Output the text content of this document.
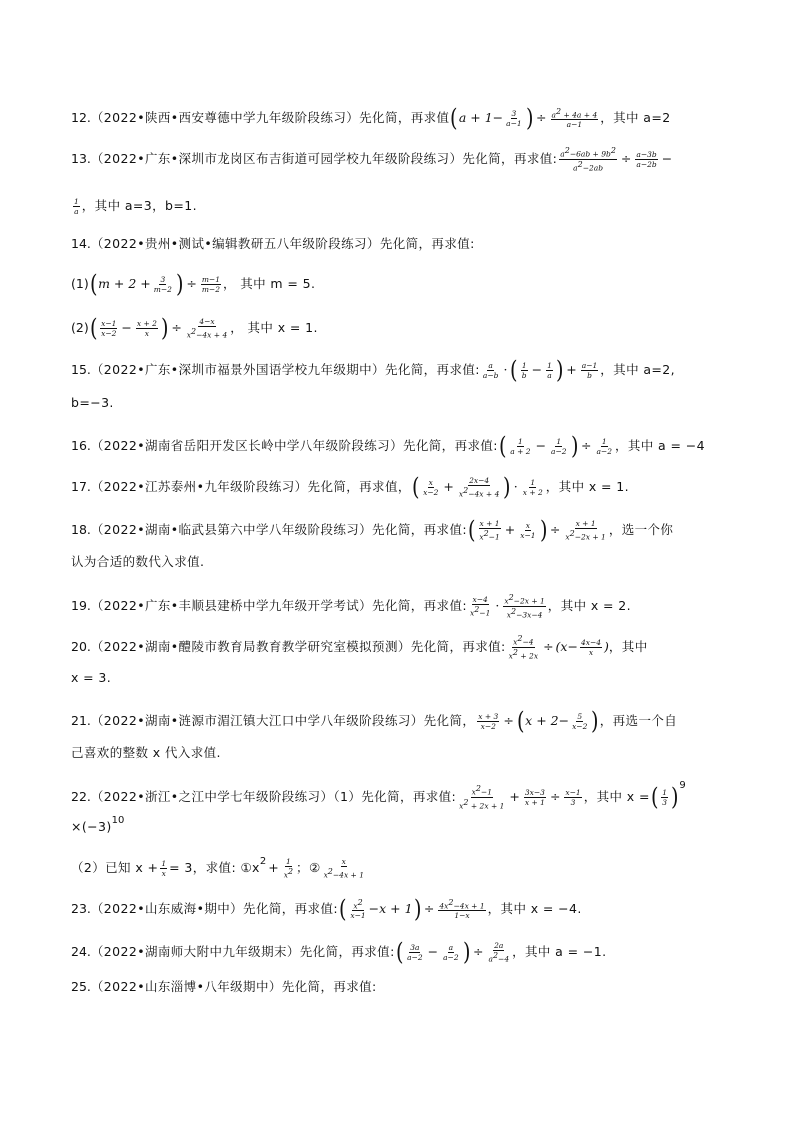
12. （2022•陕西•西安尊德中学九年级阶段练习）先化简，再求值 ( $a + 1- \frac{3}{a-1}$ ) ÷ $\frac{a^2 + 4a + 4}{a-1}$ ，其中 a=2
13. （2022•广东•深圳市龙岗区布吉街道可园学校九年级阶段练习）先化简，再求值: $\frac{a^2-6ab + 9b^2}{a^2-2ab} \div \frac{a-3b}{a-2b}$ −
$\frac{1}{a}$ ，其中 a=3，b=1.
14. （2022•贵州•测试•编辑教研五八年级阶段练习）先化简，再求值:
(1) ( $m + 2 + \frac{3}{m-2}$ ) ÷ $\frac{m-1}{m-2}$ ， 其中 m = 5.
(2) ( $\frac{x-1}{x-2} - \frac{x + 2}{x}$ ) ÷ $\frac{4-x}{x^2-4x + 4}$ ， 其中 x = 1.
15. （2022•广东•深圳市福景外国语学校九年级期中）先化简，再求值: $\frac{a}{a-b}$ · ( $\frac{1}{b} - \frac{1}{a}$ ) + $\frac{a-1}{b}$ ，其中 a=2,
b=−3.
16. （2022•湖南省岳阳开发区长岭中学八年级阶段练习）先化简，再求值: ( $\frac{1}{a + 2} - \frac{1}{a-2}$ ) ÷ $\frac{1}{a-2}$ ，其中 a = −4
17. （2022•江苏泰州•九年级阶段练习）先化简，再求值， ( $\frac{x}{x-2} + \frac{2x-4}{x^2-4x + 4}$ ) · $\frac{1}{x + 2}$ ，其中 x = 1.
18. （2022•湖南•临武县第六中学八年级阶段练习）先化简，再求值: ( $\frac{x + 1}{x^2-1} + \frac{x}{x-1}$ ) ÷ $\frac{x + 1}{x^2-2x + 1}$ ，选一个你
认为合适的数代入求值.
19. （2022•广东•丰顺县建桥中学九年级开学考试）先化简，再求值: $\frac{x-4}{x^2-1} \cdot \frac{x^2-2x + 1}{x^2-3x-4}$ ，其中 x = 2.
20. （2022•湖南•醴陵市教育局教育教学研究室模拟预测）先化简，再求值: $\frac{x^2-4}{x^2 + 2x} \div (x- \frac{4x-4}{x}$ ) ，其中
x = 3.
21. （2022•湖南•涟源市湄江镇大江口中学八年级阶段练习）先化简， $\frac{x + 3}{x-2}$ ÷ ( $x + 2- \frac{5}{x-2}$ ) ，再选一个自
己喜欢的整数 x 代入求值.
22. （2022•浙江•之江中学七年级阶段练习）（1）先化简，再求值: $\frac{x^2-1}{x^2 + 2x + 1} + \frac{3x-3}{x + 1} \div \frac{x-1}{3}$ ，其中 x = ( $\frac{1}{3}$ ) 9
×(−3) 10
（2）已知 $x + \frac{1}{x} = 3$，求值: ①x $2 + \frac{1}{x^2}$ ；② $\frac{x}{x^2-4x + 1}$
23. （2022•山东威海•期中）先化简，再求值: ( $\frac{x^2}{x-1} -x + 1$ ) ÷ $\frac{4x^2-4x + 1}{1-x}$ ，其中 x = −4.
24. （2022•湖南师大附中九年级期末）先化简，再求值: ( $\frac{3a}{a-2} - \frac{a}{a-2}$ ) ÷ $\frac{2a}{a^2-4}$ ，其中 a = −1.
25. （2022•山东淄博•八年级期中）先化简，再求值:
